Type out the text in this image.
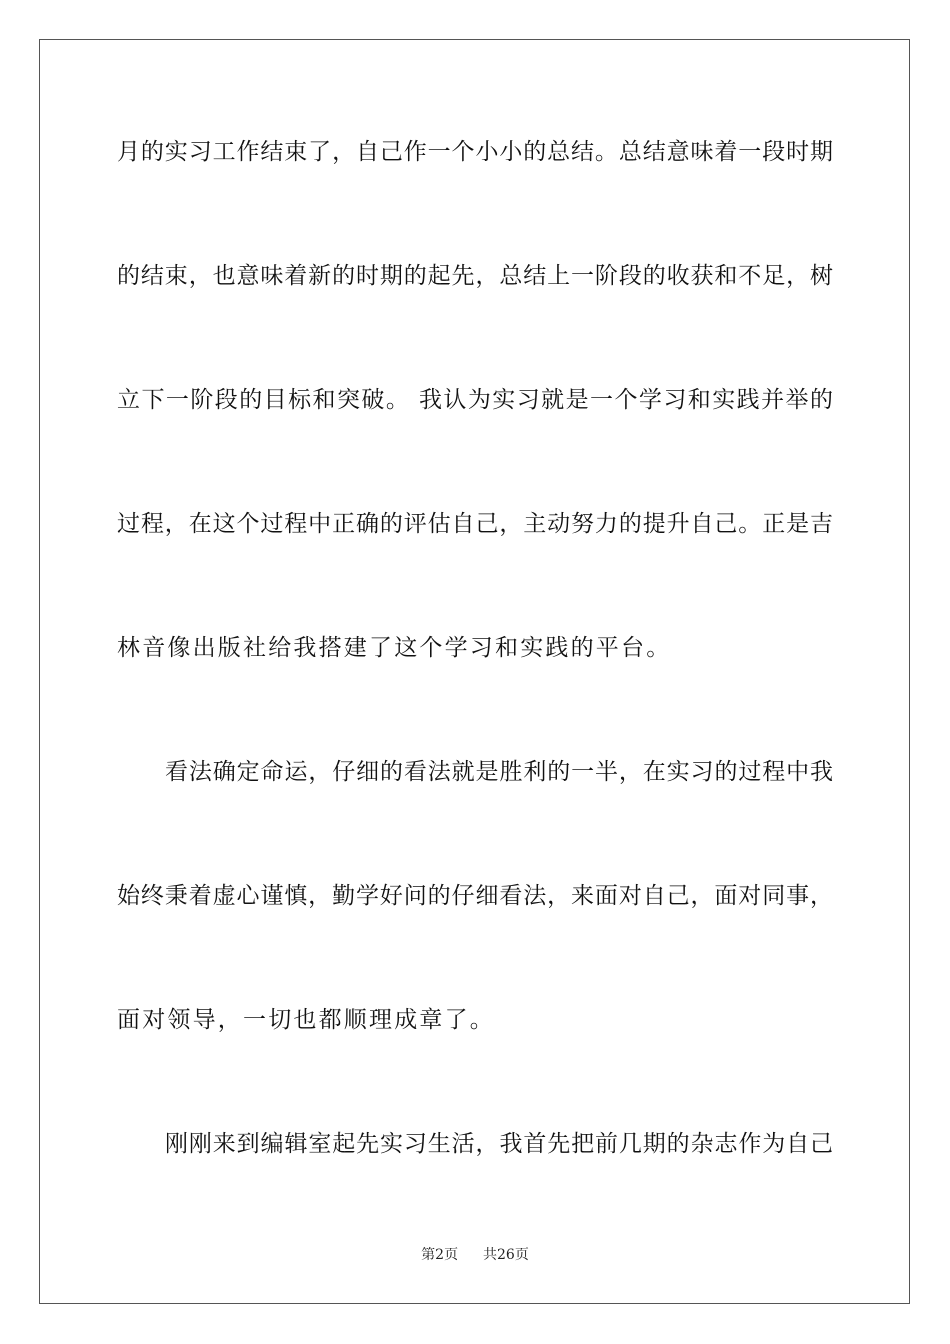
月的实习工作结束了，自己作一个小小的总结。总结意味着一段时期
的结束，也意味着新的时期的起先，总结上一阶段的收获和不足，树
立下一阶段的目标和突破。 我认为实习就是一个学习和实践并举的
过程，在这个过程中正确的评估自己，主动努力的提升自己。正是吉
林音像出版社给我搭建了这个学习和实践的平台。
看法确定命运，仔细的看法就是胜利的一半，在实习的过程中我
始终秉着虚心谨慎，勤学好问的仔细看法，来面对自己，面对同事，
面对领导，一切也都顺理成章了。
刚刚来到编辑室起先实习生活，我首先把前几期的杂志作为自己
第2页 共26页
